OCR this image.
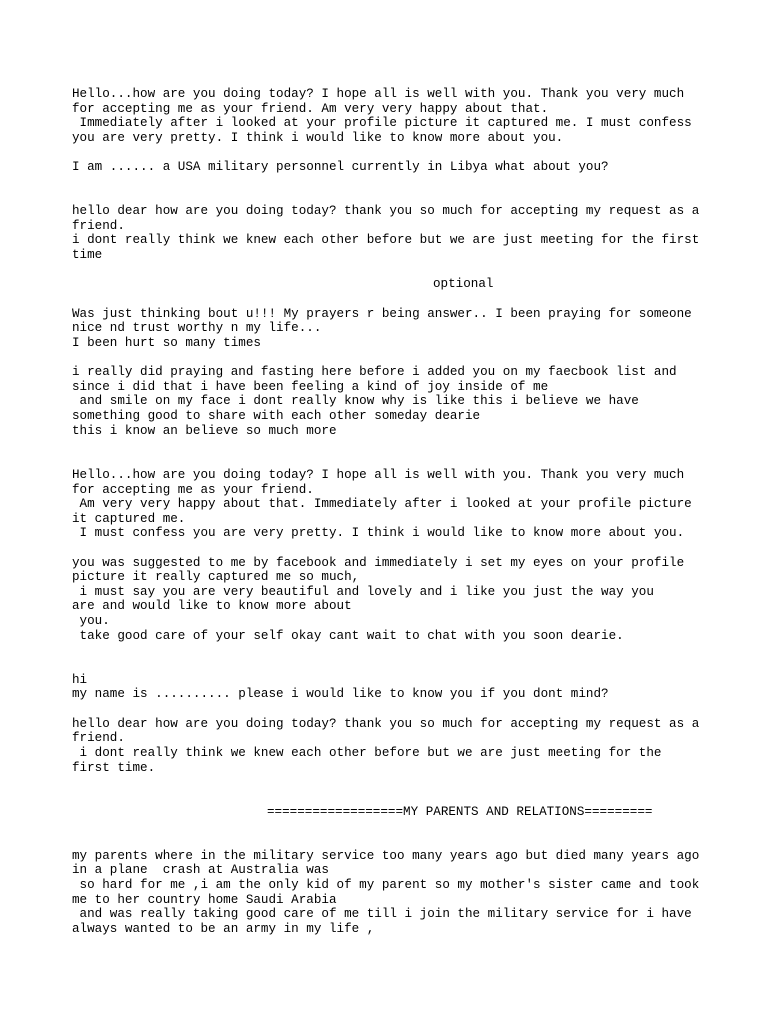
Hello...how are you doing today? I hope all is well with you. Thank you very much

for accepting me as your friend. Am very very happy about that.

Immediately after i looked at your profile picture it captured me. I must confess

you are very pretty. I think i would like to know more about you.

I am ...... a USA military personnel currently in Libya what about you?

hello dear how are you doing today? thank you so much for accepting my request as a

friend.

i dont really think we knew each other before but we are just meeting for the first

time

optional

Was just thinking bout u!!! My prayers r being answer.. I been praying for someone

nice nd trust worthy n my life...

I been hurt so many times

i really did praying and fasting here before i added you on my faecbook list and

since i did that i have been feeling a kind of joy inside of me

and smile on my face i dont really know why is like this i believe we have

something good to share with each other someday dearie

this i know an believe so much more

Hello...how are you doing today? I hope all is well with you. Thank you very much

for accepting me as your friend.

Am very very happy about that. Immediately after i looked at your profile picture

it captured me.

I must confess you are very pretty. I think i would like to know more about you.

you was suggested to me by facebook and immediately i set my eyes on your profile

picture it really captured me so much,

i must say you are very beautiful and lovely and i like you just the way you

are and would like to know more about

you.

take good care of your self okay cant wait to chat with you soon dearie.

hi

my name is .......... please i would like to know you if you dont mind?

hello dear how are you doing today? thank you so much for accepting my request as a

friend.

i dont really think we knew each other before but we are just meeting for the

first time.

==================MY PARENTS AND RELATIONS=========

my parents where in the military service too many years ago but died many years ago

in a plane  crash at Australia was

so hard for me ,i am the only kid of my parent so my mother's sister came and took

me to her country home Saudi Arabia

and was really taking good care of me till i join the military service for i have

always wanted to be an army in my life ,
